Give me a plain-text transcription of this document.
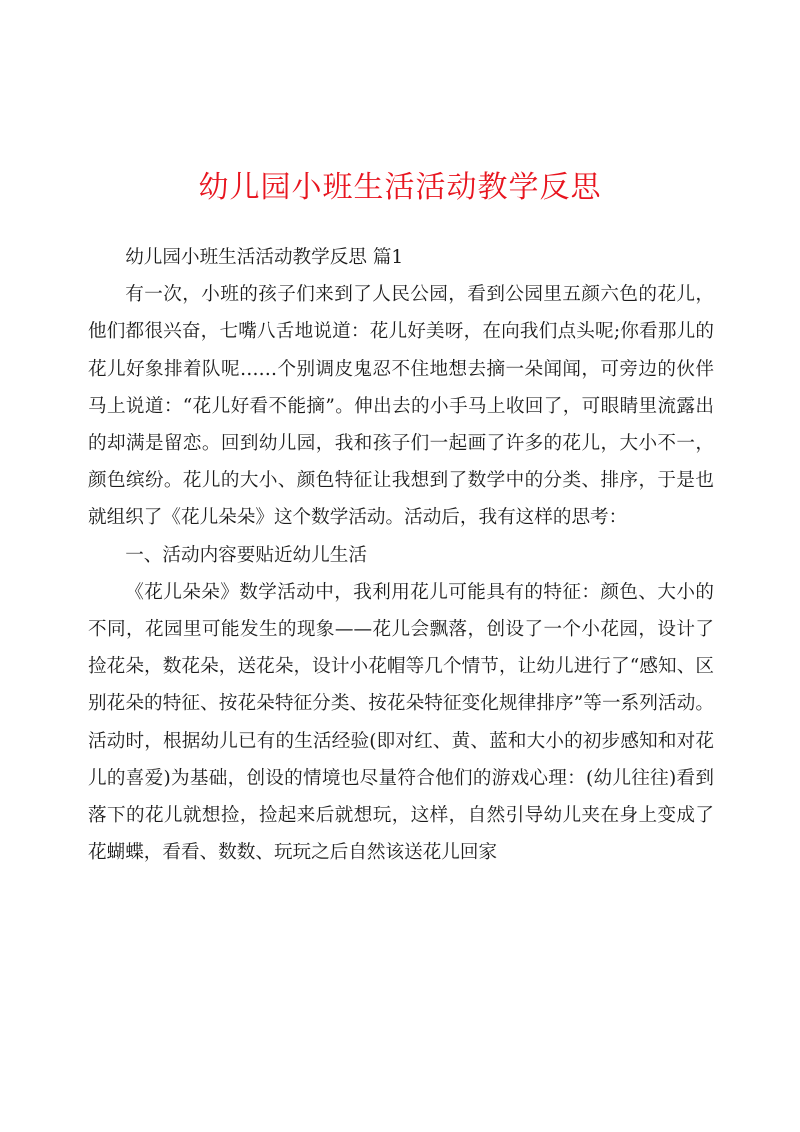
幼儿园小班生活活动教学反思

幼儿园小班生活活动教学反思 篇1

有一次，小班的孩子们来到了人民公园，看到公园里五颜六色的花儿，他们都很兴奋，七嘴八舌地说道：花儿好美呀，在向我们点头呢;你看那儿的花儿好象排着队呢……个别调皮鬼忍不住地想去摘一朵闻闻，可旁边的伙伴马上说道：“花儿好看不能摘”。伸出去的小手马上收回了，可眼睛里流露出的却满是留恋。回到幼儿园，我和孩子们一起画了许多的花儿，大小不一，颜色缤纷。花儿的大小、颜色特征让我想到了数学中的分类、排序，于是也就组织了《花儿朵朵》这个数学活动。活动后，我有这样的思考：

一、活动内容要贴近幼儿生活

《花儿朵朵》数学活动中，我利用花儿可能具有的特征：颜色、大小的不同，花园里可能发生的现象——花儿会飘落，创设了一个小花园，设计了捡花朵，数花朵，送花朵，设计小花帽等几个情节，让幼儿进行了“感知、区别花朵的特征、按花朵特征分类、按花朵特征变化规律排序”等一系列活动。活动时，根据幼儿已有的生活经验(即对红、黄、蓝和大小的初步感知和对花儿的喜爱)为基础，创设的情境也尽量符合他们的游戏心理：(幼儿往往)看到落下的花儿就想捡，捡起来后就想玩，这样，自然引导幼儿夹在身上变成了花蝴蝶，看看、数数、玩玩之后自然该送花儿回家
